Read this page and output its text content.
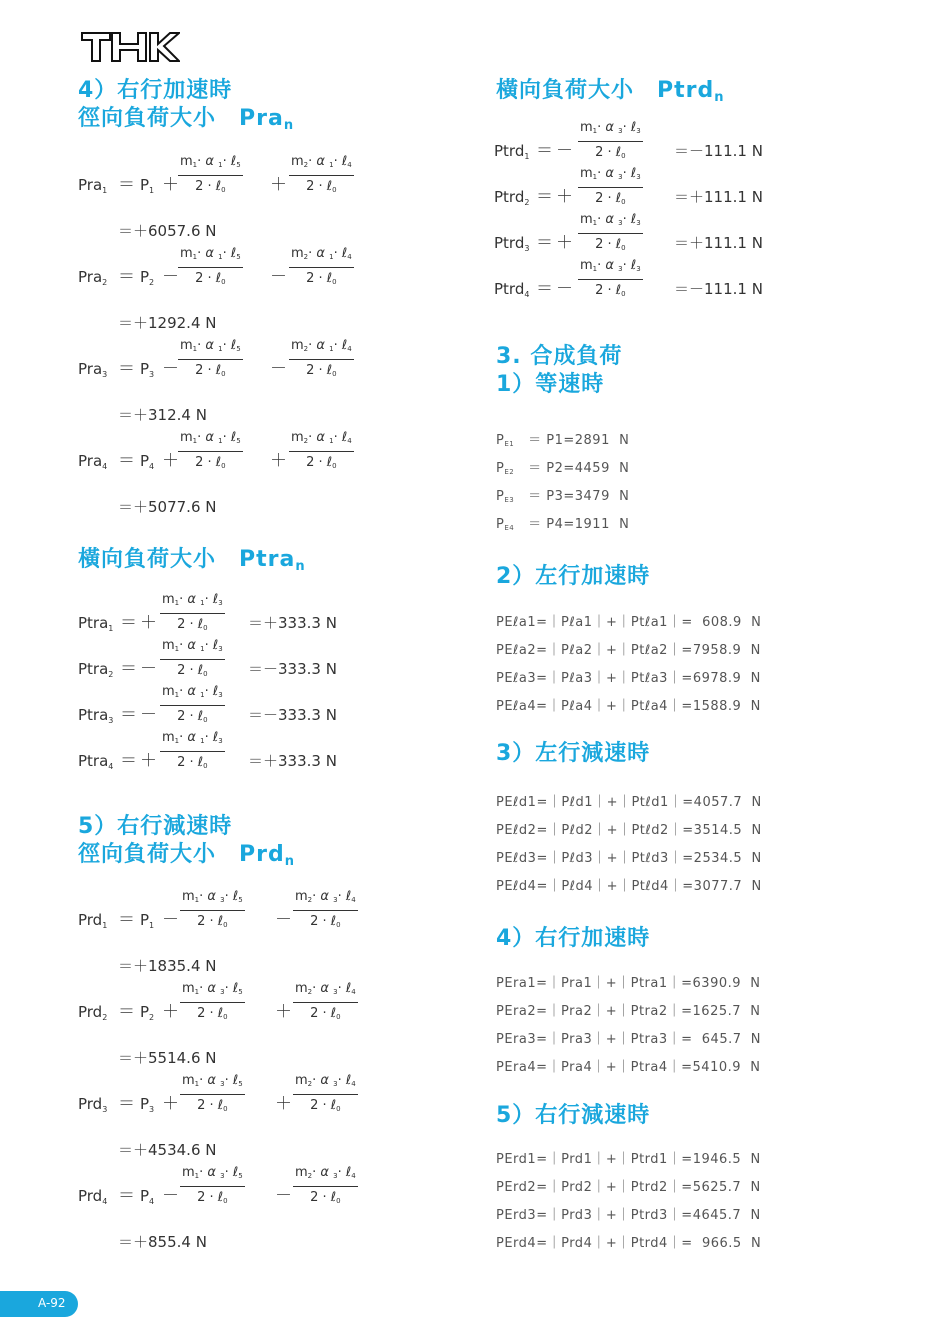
4）右行加速時
徑向負荷大小　Pra$_n$
$Pra_1 = P_1$ ＋
$m_1\cdot \alpha$ $_1$· ℓ$_5$
2 · ℓ$_0$	＋
$m_2\cdot \alpha$ $_1$· ℓ$_4$
2 · ℓ$_0$
＝＋6057.6 N
$Pra_2 = P_2$ －
$m_1\cdot \alpha$ $_1$· ℓ$_5$
2 · ℓ$_0$	－
$m_2\cdot \alpha$ $_1$· ℓ$_4$
2 · ℓ$_0$
＝＋1292.4 N
$Pra_3 = P_3$ －
$m_1\cdot \alpha$ $_1$· ℓ$_5$
2 · ℓ$_0$	－
$m_2\cdot \alpha$ $_1$· ℓ$_4$
2 · ℓ$_0$
＝＋312.4 N
$Pra_4 = P_4$ ＋
$m_1\cdot \alpha$ $_1$· ℓ$_5$
2 · ℓ$_0$	＋
$m_2\cdot \alpha$ $_1$· ℓ$_4$
2 · ℓ$_0$
＝＋5077.6 N
橫向負荷大小　Ptra$_n$
Ptra$_1$ ＝ ＋
$m_1\cdot \alpha$ $_1$· ℓ$_3$
2 · ℓ$_0$	＝＋333.3 N
Ptra$_2$ ＝ －
$m_1\cdot \alpha$ $_1$· ℓ$_3$
2 · ℓ$_0$	＝－333.3 N
Ptra$_3$ ＝ －
$m_1\cdot \alpha$ $_1$· ℓ$_3$
2 · ℓ$_0$	＝－333.3 N
Ptra$_4$ ＝ ＋
$m_1\cdot \alpha$ $_1$· ℓ$_3$
2 · ℓ$_0$	＝＋333.3 N
5）右行減速時
徑向負荷大小　Prd$_n$
$Prd_1 = P_1$ －
$m_1\cdot \alpha$ $_3$· ℓ$_5$
2 · ℓ$_0$	－
$m_2\cdot \alpha$ $_3$· ℓ$_4$
2 · ℓ$_0$
＝＋1835.4 N
$Prd_2 = P_2$ ＋
$m_1\cdot \alpha$ $_3$· ℓ$_5$
2 · ℓ$_0$	＋
$m_2\cdot \alpha$ $_3$· ℓ$_4$
2 · ℓ$_0$
＝＋5514.6 N
$Prd_3 = P_3$ ＋
$m_1\cdot \alpha$ $_3$· ℓ$_5$
2 · ℓ$_0$	＋
$m_2\cdot \alpha$ $_3$· ℓ$_4$
2 · ℓ$_0$
＝＋4534.6 N
$Prd_4 = P_4$ －
$m_1\cdot \alpha$ $_3$· ℓ$_5$
2 · ℓ$_0$	－
$m_2\cdot \alpha$ $_3$· ℓ$_4$
2 · ℓ$_0$
＝＋855.4 N
橫向負荷大小　Ptrd$_n$
Ptrd$_1$ ＝ －
$m_1\cdot \alpha$ $_3$· ℓ$_3$
2 · ℓ$_0$	＝－111.1 N
Ptrd$_2$ ＝ ＋
$m_1\cdot \alpha$ $_3$· ℓ$_3$
2 · ℓ$_0$	＝＋111.1 N
Ptrd$_3$ ＝ ＋
$m_1\cdot \alpha$ $_3$· ℓ$_3$
2 · ℓ$_0$	＝＋111.1 N
Ptrd$_4$ ＝ －
$m_1\cdot \alpha$ $_3$· ℓ$_3$
2 · ℓ$_0$	＝－111.1 N
3. 合成負荷
1）等速時
$P_{E1} = P1=2891$  N
$P_{E2} = P2=4459$  N
$P_{E3} = P3=3479$  N
$P_{E4} = P4=1911$  N
2）左行加速時
PEℓa1=｜Pℓa1｜+｜Ptℓa1｜=  608.9  N
PEℓa2=｜Pℓa2｜+｜Ptℓa2｜=7958.9  N
PEℓa3=｜Pℓa3｜+｜Ptℓa3｜=6978.9  N
PEℓa4=｜Pℓa4｜+｜Ptℓa4｜=1588.9  N
3）左行減速時
PEℓd1=｜Pℓd1｜+｜Ptℓd1｜=4057.7  N
PEℓd2=｜Pℓd2｜+｜Ptℓd2｜=3514.5  N
PEℓd3=｜Pℓd3｜+｜Ptℓd3｜=2534.5  N
PEℓd4=｜Pℓd4｜+｜Ptℓd4｜=3077.7  N
4）右行加速時
PEra1=｜Pra1｜+｜Ptra1｜=6390.9  N
PEra2=｜Pra2｜+｜Ptra2｜=1625.7  N
PEra3=｜Pra3｜+｜Ptra3｜=  645.7  N
PEra4=｜Pra4｜+｜Ptra4｜=5410.9  N
5）右行減速時
PErd1=｜Prd1｜+｜Ptrd1｜=1946.5  N
PErd2=｜Prd2｜+｜Ptrd2｜=5625.7  N
PErd3=｜Prd3｜+｜Ptrd3｜=4645.7  N
PErd4=｜Prd4｜+｜Ptrd4｜=  966.5  N
A-92
